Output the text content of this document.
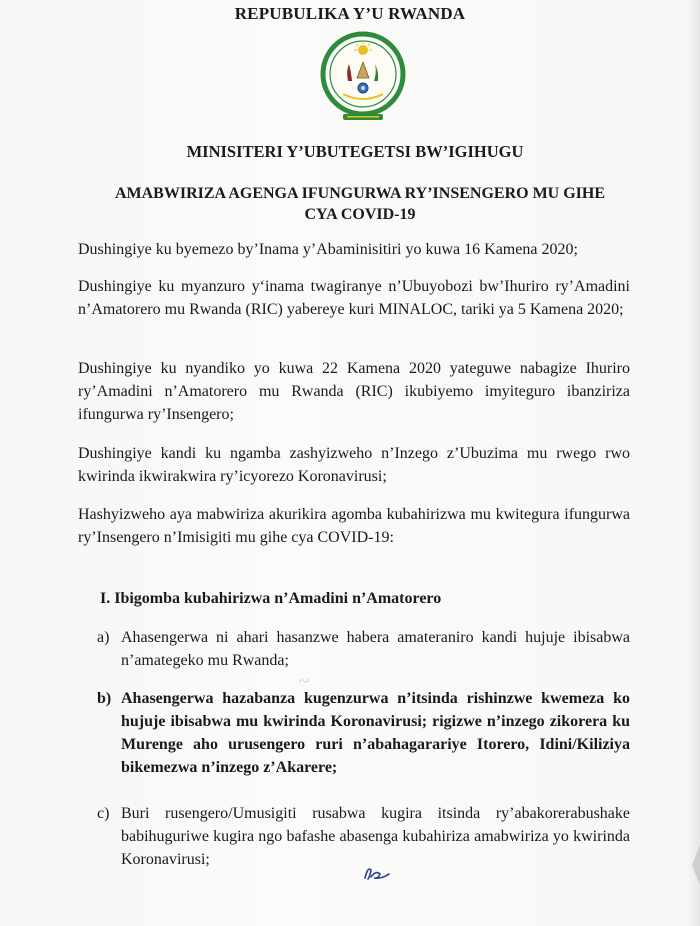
REPUBULIKA Y’U RWANDA
MINISITERI Y’UBUTEGETSI BW’IGIHUGU
AMABWIRIZA AGENGA IFUNGURWA RY’INSENGERO MU GIHE
CYA COVID-19
Dushingiye ku byemezo by’Inama y’Abaminisitiri yo kuwa 16 Kamena 2020;
Dushingiye ku myanzuro y‘inama twagiranye n’Ubuyobozi bw’Ihuriro ry’Amadini n’Amatorero mu Rwanda (RIC) yabereye kuri MINALOC, tariki ya 5 Kamena 2020;
Dushingiye ku nyandiko yo kuwa 22 Kamena 2020 yateguwe nabagize Ihuriro ry’Amadini n’Amatorero mu Rwanda (RIC) ikubiyemo imyiteguro ibanziriza ifungurwa ry’Insengero;
Dushingiye kandi ku ngamba zashyizweho n’Inzego z’Ubuzima mu rwego rwo kwirinda ikwirakwira ry’icyorezo Koronavirusi;
Hashyizweho aya mabwiriza akurikira agomba kubahirizwa mu kwitegura ifungurwa ry’Insengero n’Imisigiti mu gihe cya COVID-19:
I. Ibigomba kubahirizwa n’Amadini n’Amatorero
a) Ahasengerwa ni ahari hasanzwe habera amateraniro kandi hujuje ibisabwa n’amategeko mu Rwanda;
b) Ahasengerwa hazabanza kugenzurwa n’itsinda rishinzwe kwemeza ko hujuje ibisabwa mu kwirinda Koronavirusi; rigizwe n’inzego zikorera ku Murenge aho urusengero ruri n’abahagarariye Itorero, Idini/Kiliziya bikemezwa n’inzego z’Akarere;
c) Buri rusengero/Umusigiti rusabwa kugira itsinda ry’abakorerabushake babihuguriwe kugira ngo bafashe abasenga kubahiriza amabwiriza yo kwirinda Koronavirusi;
